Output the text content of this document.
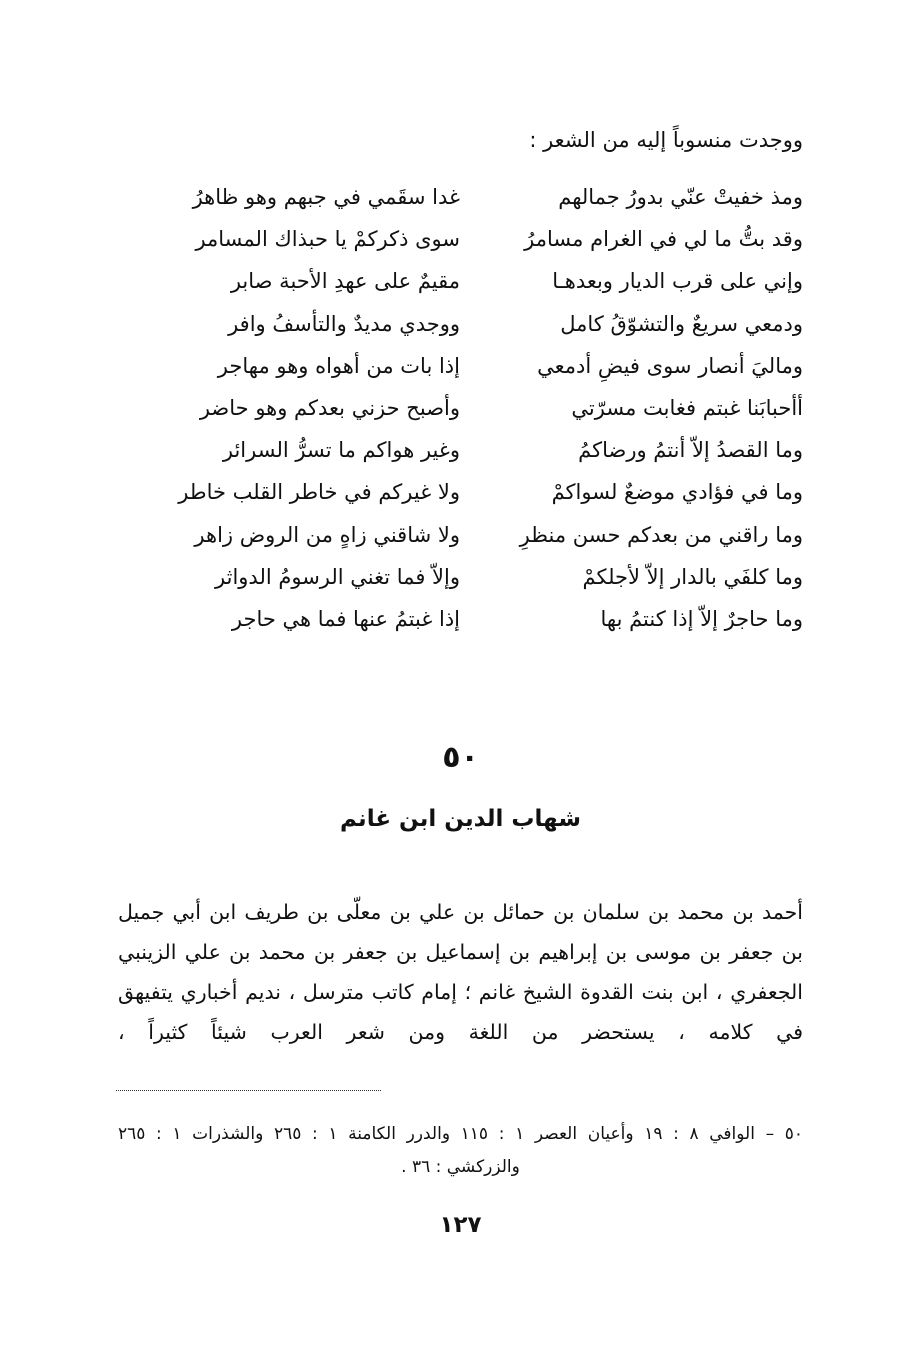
ووجدت منسوباً إليه من الشعر :
ومذ خفيتْ عنّي بدورُ جمالهم
وقد بتُّ ما لي في الغرام مسامرُ
وإني على قرب الديار وبعدهـا
ودمعي سريعٌ والتشوّقُ كامل
وماليَ أنصار سوى فيضِ أدمعي
أأحبابَنا غبتم فغابت مسرّتي
وما القصدُ إلاّ أنتمُ ورضاكمُ
وما في فؤادي موضعٌ لسواكمْ
وما راقني من بعدكم حسن منظرِ
وما كلفَي بالدار إلاّ لأجلكمْ
وما حاجرٌ إلاّ إذا كنتمُ بها
غدا سقَمي في جبهم وهو ظاهرُ
سوى ذكركمْ يا حبذاك المسامر
مقيمٌ على عهدِ الأحبة صابر
ووجدي مديدٌ والتأسفُ وافر
إذا بات من أهواه وهو مهاجر
وأصبح حزني بعدكم وهو حاضر
وغير هواكم ما تسرُّ السرائر
ولا غيركم في خاطر القلب خاطر
ولا شاقني زاهٍ من الروض زاهر
وإلاّ فما تغني الرسومُ الدواثر
إذا غبتمُ عنها فما هي حاجر
٥٠
شهاب الدين ابن غانم

أحمد بن محمد بن سلمان بن حمائل بن علي بن معلّى بن طريف ابن أبي جميل بن جعفر بن موسى بن إبراهيم بن إسماعيل بن جعفر بن محمد بن علي الزينبي الجعفري ، ابن بنت القدوة الشيخ غانم ؛ إمام كاتب مترسل ، نديم أخباري يتفيهق في كلامه ، يستحضر من اللغة ومن شعر العرب شيئاً كثيراً ،

٥٠ – الوافي ٨ : ١٩ وأعيان العصر ١ : ١١٥ والدرر الكامنة ١ : ٢٦٥ والشذرات ١ : ٢٦٥
والزركشي : ٣٦ .
١٢٧
